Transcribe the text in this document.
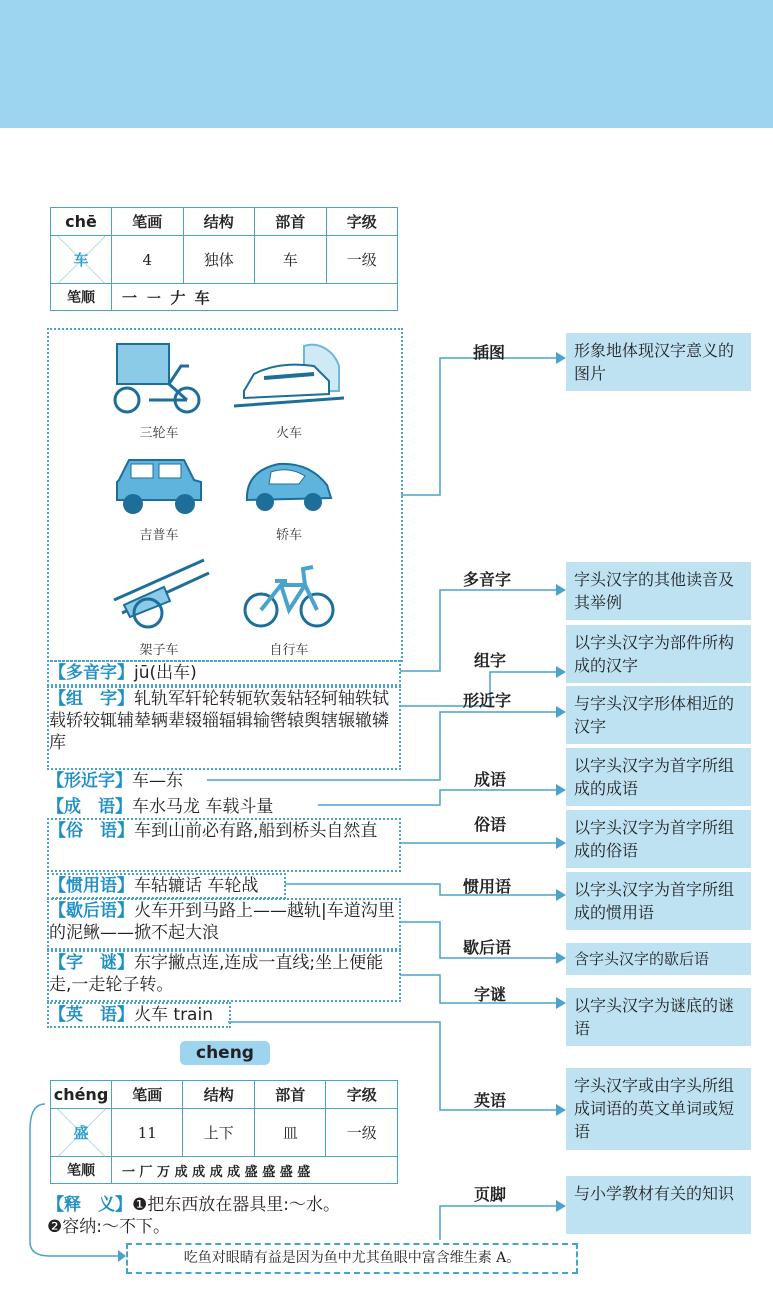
chē	笔画	结构	部首	字级
车	4	独体	车	一级
笔顺	一 ㇐ 𠂇 车			
三轮车	火车
吉普车	轿车
架子车	自行车
【多音字】jū(出车)
【组　字】轧轨军轩轮转轭软轰轱轻轲轴轶轼载轿较辄辅辇辆辈辍辎辐辑输辔辕舆辖辗辙辚库
【形近字】车—东
【成　语】车水马龙 车载斗量
【俗　语】车到山前必有路,船到桥头自然直
【惯用语】车轱辘话 车轮战
【歇后语】火车开到马路上——越轨|车道沟里的泥鳅——掀不起大浪
【字　谜】东字撇点连,连成一直线;坐上便能走,一走轮子转。
【英　语】火车 train
cheng
chéng	笔画	结构	部首	字级
盛	11	上下	皿	一级
笔顺	一 厂 万 成 成 成 成 盛 盛 盛 盛			
【释　义】❶把东西放在器具里:～水。
❷容纳:～不下。
吃鱼对眼睛有益是因为鱼中尤其鱼眼中富含维生素 A。
插图
多音字
组字
形近字
成语
俗语
惯用语
歇后语
字谜
英语
页脚
形象地体现汉字意义的图片
字头汉字的其他读音及其举例
以字头汉字为部件所构成的汉字
与字头汉字形体相近的汉字
以字头汉字为首字所组成的成语
以字头汉字为首字所组成的俗语
以字头汉字为首字所组成的惯用语
含字头汉字的歇后语
以字头汉字为谜底的谜语
字头汉字或由字头所组成词语的英文单词或短语
与小学教材有关的知识
